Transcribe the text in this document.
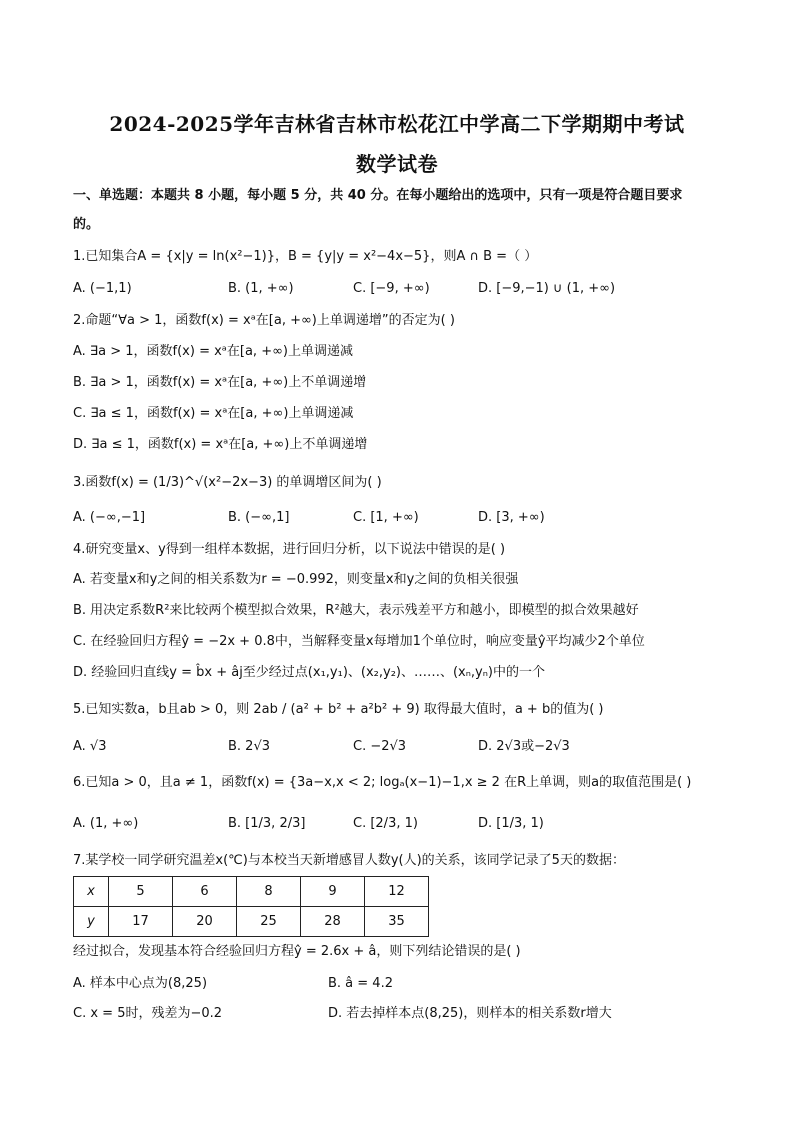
2024-2025学年吉林省吉林市松花江中学高二下学期期中考试
数学试卷
一、单选题：本题共 8 小题，每小题 5 分，共 40 分。在每小题给出的选项中，只有一项是符合题目要求
的。
1.已知集合A = {x|y = ln(x²−1)}，B = {y|y = x²−4x−5}，则A ∩ B =（ ）
A. (−1,1)	B. (1, +∞)	C. [−9, +∞)	D. [−9,−1) ∪ (1, +∞)
2.命题“∀a > 1，函数f(x) = xᵃ在[a, +∞)上单调递增”的否定为( )
A. ∃a > 1，函数f(x) = xᵃ在[a, +∞)上单调递减
B. ∃a > 1，函数f(x) = xᵃ在[a, +∞)上不单调递增
C. ∃a ≤ 1，函数f(x) = xᵃ在[a, +∞)上单调递减
D. ∃a ≤ 1，函数f(x) = xᵃ在[a, +∞)上不单调递增
3.函数f(x) = (1/3)^√(x²−2x−3) 的单调增区间为( )
A. (−∞,−1]	B. (−∞,1]	C. [1, +∞)	D. [3, +∞)
4.研究变量x、y得到一组样本数据，进行回归分析，以下说法中错误的是( )
A. 若变量x和y之间的相关系数为r = −0.992，则变量x和y之间的负相关很强
B. 用决定系数R²来比较两个模型拟合效果，R²越大，表示残差平方和越小，即模型的拟合效果越好
C. 在经验回归方程ŷ = −2x + 0.8中，当解释变量x每增加1个单位时，响应变量ŷ平均减少2个单位
D. 经验回归直线y = b̂x + âj至少经过点(x₁,y₁)、(x₂,y₂)、……、(xₙ,yₙ)中的一个
5.已知实数a，b且ab > 0，则 2ab / (a² + b² + a²b² + 9) 取得最大值时，a + b的值为( )
A. √3	B. 2√3	C. −2√3	D. 2√3或−2√3
6.已知a > 0，且a ≠ 1，函数f(x) = {3a−x,x < 2; logₐ(x−1)−1,x ≥ 2 在R上单调，则a的取值范围是( )
A. (1, +∞)	B. [1/3, 2/3]	C. [2/3, 1)	D. [1/3, 1)
7.某学校一同学研究温差x(℃)与本校当天新增感冒人数y(人)的关系，该同学记录了5天的数据：
x	5	6	8	9	12
y	17	20	25	28	35
经过拟合，发现基本符合经验回归方程ŷ = 2.6x + â，则下列结论错误的是( )
A. 样本中心点为(8,25)	B. â = 4.2
C. x = 5时，残差为−0.2	D. 若去掉样本点(8,25)，则样本的相关系数r增大
